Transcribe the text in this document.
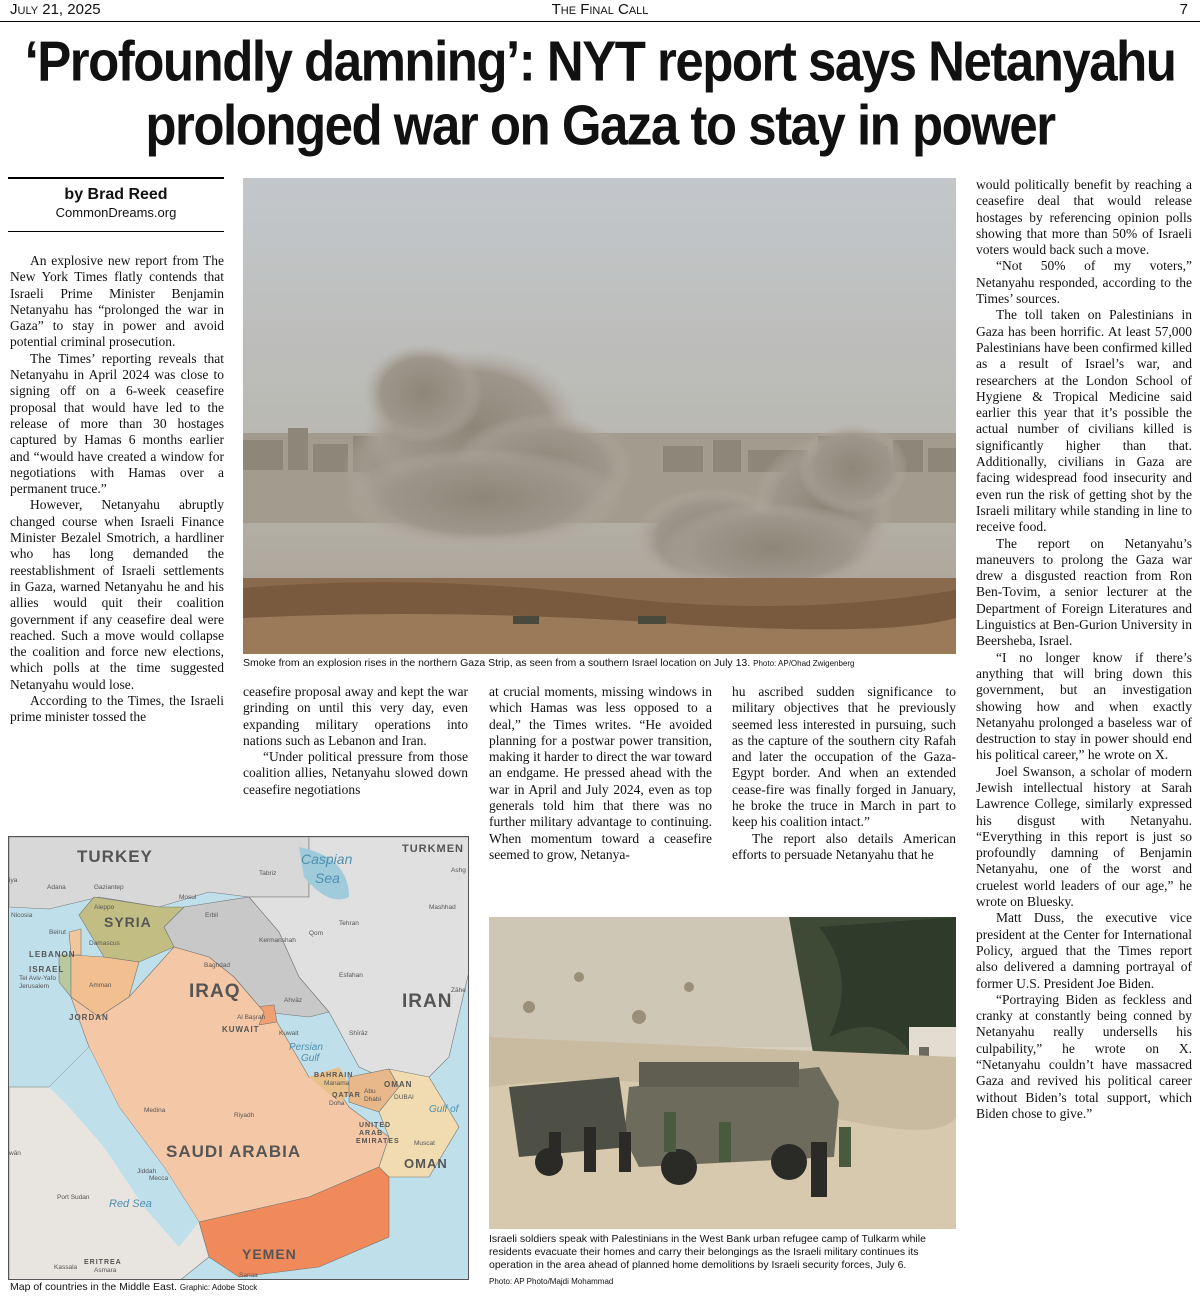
July 21, 2025	The Final Call	7
‘Profoundly damning’: NYT report says Netanyahu
prolonged war on Gaza to stay in power
by Brad Reed
CommonDreams.org

An explosive new report from The New York Times flatly contends that Israeli Prime Minister Benjamin Netanyahu has “prolonged the war in Gaza” to stay in power and avoid potential criminal prosecution.

The Times’ reporting reveals that Netanyahu in April 2024 was close to signing off on a 6-week ceasefire proposal that would have led to the release of more than 30 hostages captured by Hamas 6 months earlier and “would have created a window for negotiations with Hamas over a permanent truce.”

However, Netanyahu abruptly changed course when Israeli Finance Minister Bezalel Smotrich, a hardliner who has long demanded the reestablishment of Israeli settlements in Gaza, warned Netanyahu he and his allies would quit their coalition government if any ceasefire deal were reached. Such a move would collapse the coalition and force new elections, which polls at the time suggested Netanyahu would lose.

According to the Times, the Israeli prime minister tossed the

Smoke from an explosion rises in the northern Gaza Strip, as seen from a southern Israel location on July 13. Photo: AP/Ohad Zwigenberg

ceasefire proposal away and kept the war grinding on until this very day, even expanding military operations into nations such as Lebanon and Iran.

“Under political pressure from those coalition allies, Netanyahu slowed down ceasefire negotiations

at crucial moments, missing windows in which Hamas was less opposed to a deal,” the Times writes. “He avoided planning for a postwar power transition, making it harder to direct the war toward an endgame. He pressed ahead with the war in April and July 2024, even as top generals told him that there was no further military advantage to continuing. When momentum toward a ceasefire seemed to grow, Netanya-

hu ascribed sudden significance to military objectives that he previously seemed less interested in pursuing, such as the capture of the southern city Rafah and later the occupation of the Gaza-Egypt border. And when an extended cease-fire was finally forged in January, he broke the truce in March in part to keep his coalition intact.”

The report also details American efforts to persuade Netanyahu that he

would politically benefit by reaching a ceasefire deal that would release hostages by referencing opinion polls showing that more than 50% of Israeli voters would back such a move.

“Not 50% of my voters,” Netanyahu responded, according to the Times’ sources.

The toll taken on Palestinians in Gaza has been horrific. At least 57,000 Palestinians have been confirmed killed as a result of Israel’s war, and researchers at the London School of Hygiene & Tropical Medicine said earlier this year that it’s possible the actual number of civilians killed is significantly higher than that. Additionally, civilians in Gaza are facing widespread food insecurity and even run the risk of getting shot by the Israeli military while standing in line to receive food.

The report on Netanyahu’s maneuvers to prolong the Gaza war drew a disgusted reaction from Ron Ben-Tovim, a senior lecturer at the Department of Foreign Literatures and Linguistics at Ben-Gurion University in Beersheba, Israel.

“I no longer know if there’s anything that will bring down this government, but an investigation showing how and when exactly Netanyahu prolonged a baseless war of destruction to stay in power should end his political career,” he wrote on X.

Joel Swanson, a scholar of modern Jewish intellectual history at Sarah Lawrence College, similarly expressed his disgust with Netanyahu. “Everything in this report is just so profoundly damning of Benjamin Netanyahu, one of the worst and cruelest world leaders of our age,” he wrote on Bluesky.

Matt Duss, the executive vice president at the Center for International Policy, argued that the Times report also delivered a damning portrayal of former U.S. President Joe Biden.

“Portraying Biden as feckless and cranky at constantly being conned by Netanyahu really undersells his culpability,” he wrote on X. “Netanyahu couldn’t have massacred Gaza and revived his political career without Biden’s total support, which Biden chose to give.”

Israeli soldiers speak with Palestinians in the West Bank urban refugee camp of Tulkarm while residents evacuate their homes and carry their belongings as the Israeli military continues its operation in the area ahead of planned home demolitions by Israeli security forces, July 6.
Photo: AP Photo/Majdi Mohammad
TURKEY	TURKMEN
SYRIA
LEBANON
ISRAEL
JORDAN
IRAQ	IRAN
KUWAIT
BAHRAIN
QATAR
UNITED
ARAB
EMIRATES
OMAN
SAUDI ARABIA
OMAN
YEMEN
ERITREA
Caspian
Sea
Persian
Gulf
Red Sea
Gulf of
Adana	Gaziantep
Aleppo
Nicosia
Beirut
Damascus
Tel Aviv-Yafo
Jerusalem	Amman
Mosul
Erbil
Tabriz
Qom
Tehran
Mashhad
Kermanshah
Baghdad
Esfahan
Ahvāz
Al Başrah
Kuwait	Shīrāz
Manama
Doha
Abu
Dhabi DUBAI
Muscat
Riyadh
Medina
Jiddah
Mecca
Port Sudan
Kassala	Asmara
Sanaa
Zāhe
Ashg
iya
wān
Map of countries in the Middle East. Graphic: Adobe Stock
